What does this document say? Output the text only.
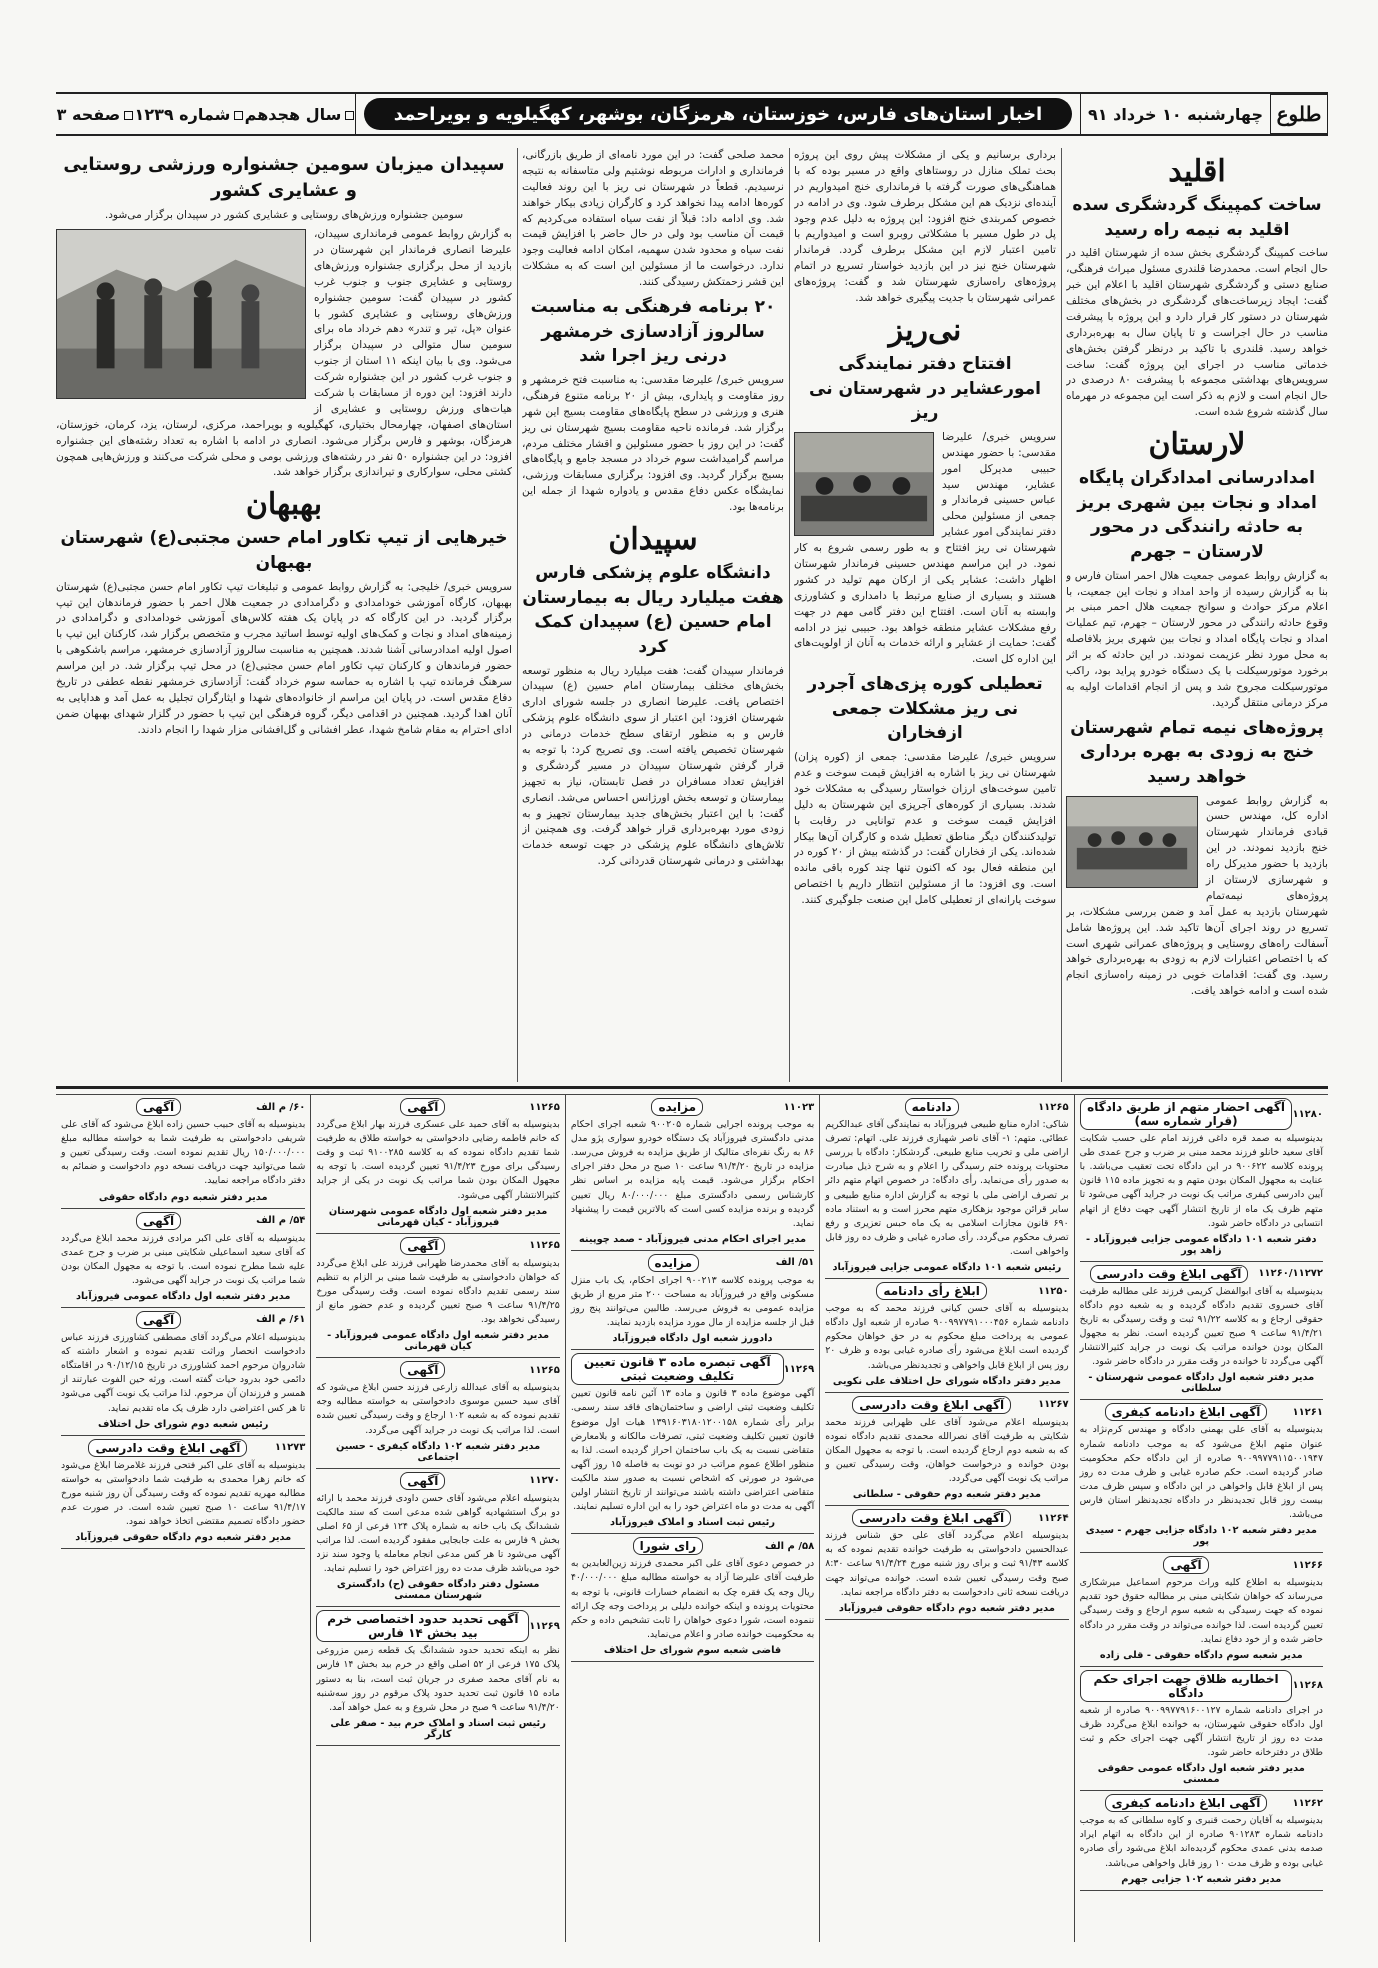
طلوع
چهارشنبه ۱۰ خرداد ۹۱
اخبار استان‌های فارس، خوزستان، هرمزگان، بوشهر، کهگیلویه و بویراحمد
سال هجدهم
شماره ۱۲۳۹
صفحه ۳
اقلید
ساخت کمپینگ گردشگری سده اقلید به نیمه راه رسید
ساخت کمپینگ گردشگری بخش سده از شهرستان اقلید در حال انجام است. محمدرضا قلندری مسئول میراث فرهنگی، صنایع دستی و گردشگری شهرستان اقلید با اعلام این خبر گفت: ایجاد زیرساخت‌های گردشگری در بخش‌های مختلف شهرستان در دستور کار قرار دارد و این پروژه با پیشرفت مناسب در حال اجراست و تا پایان سال به بهره‌برداری خواهد رسید. قلندری با تاکید بر درنظر گرفتن بخش‌های خدماتی مناسب در اجرای این پروژه گفت: ساخت سرویس‌های بهداشتی مجموعه با پیشرفت ۸۰ درصدی در حال انجام است و لازم به ذکر است این مجموعه در مهرماه سال گذشته شروع شده است.
لارستان
امدادرسانی امدادگران پایگاه امداد و نجات بین شهری بریز به حادثه رانندگی در محور لارستان – جهرم
به گزارش روابط عمومی جمعیت هلال احمر استان فارس و بنا به گزارش رسیده از واحد امداد و نجات این جمعیت، با اعلام مرکز حوادث و سوانح جمعیت هلال احمر مبنی بر وقوع حادثه رانندگی در محور لارستان – جهرم، تیم عملیات امداد و نجات پایگاه امداد و نجات بین شهری بریز بلافاصله به محل مورد نظر عزیمت نمودند. در این حادثه که بر اثر برخورد موتورسیکلت با یک دستگاه خودرو پراید بود، راکب موتورسیکلت مجروح شد و پس از انجام اقدامات اولیه به مرکز درمانی منتقل گردید.
پروژه‌های نیمه تمام شهرستان خنج به زودی به بهره برداری خواهد رسید
به گزارش روابط عمومی اداره کل، مهندس حسن قبادی فرماندار شهرستان خنج بازدید نمودند. در این بازدید با حضور مدیرکل راه و شهرسازی لارستان از پروژه‌های نیمه‌تمام شهرستان بازدید به عمل آمد و ضمن بررسی مشکلات، بر تسریع در روند اجرای آن‌ها تاکید شد. این پروژه‌ها شامل آسفالت راه‌های روستایی و پروژه‌های عمرانی شهری است که با اختصاص اعتبارات لازم به زودی به بهره‌برداری خواهد رسید. وی گفت: اقدامات خوبی در زمینه راه‌سازی انجام شده است و ادامه خواهد یافت.
برداری برسانیم و یکی از مشکلات پیش روی این پروژه بحث تملک منازل در روستاهای واقع در مسیر بوده که با هماهنگی‌های صورت گرفته با فرمانداری خنج امیدواریم در آینده‌ای نزدیک هم این مشکل برطرف شود. وی در ادامه در خصوص کمربندی خنج افزود: این پروژه به دلیل عدم وجود پل در طول مسیر با مشکلاتی روبرو است و امیدواریم با تامین اعتبار لازم این مشکل برطرف گردد. فرماندار شهرستان خنج نیز در این بازدید خواستار تسریع در اتمام پروژه‌های راه‌سازی شهرستان شد و گفت: پروژه‌های عمرانی شهرستان با جدیت پیگیری خواهد شد.
نی‌ریز
افتتاح دفتر نمایندگی امورعشایر در شهرستان نی ریز
سرویس خبری/ علیرضا مقدسی: با حضور مهندس حبیبی مدیرکل امور عشایر، مهندس سید عباس حسینی فرماندار و جمعی از مسئولین محلی دفتر نمایندگی امور عشایر شهرستان نی ریز افتتاح و به طور رسمی شروع به کار نمود. در این مراسم مهندس حسینی فرماندار شهرستان اظهار داشت: عشایر یکی از ارکان مهم تولید در کشور هستند و بسیاری از صنایع مرتبط با دامداری و کشاورزی وابسته به آنان است. افتتاح این دفتر گامی مهم در جهت رفع مشکلات عشایر منطقه خواهد بود. حبیبی نیز در ادامه گفت: حمایت از عشایر و ارائه خدمات به آنان از اولویت‌های این اداره کل است.
تعطیلی کوره پزی‌های آجردر نی ریز مشکلات جمعی ازفخاران
سرویس خبری/ علیرضا مقدسی: جمعی از (کوره پزان) شهرستان نی ریز با اشاره به افزایش قیمت سوخت و عدم تامین سوخت‌های ارزان خواستار رسیدگی به مشکلات خود شدند. بسیاری از کوره‌های آجرپزی این شهرستان به دلیل افزایش قیمت سوخت و عدم توانایی در رقابت با تولیدکنندگان دیگر مناطق تعطیل شده و کارگران آن‌ها بیکار شده‌اند. یکی از فخاران گفت: در گذشته بیش از ۲۰ کوره در این منطقه فعال بود که اکنون تنها چند کوره باقی مانده است. وی افزود: ما از مسئولین انتظار داریم با اختصاص سوخت یارانه‌ای از تعطیلی کامل این صنعت جلوگیری کنند.
محمد صلحی گفت: در این مورد نامه‌ای از طریق بازرگانی، فرمانداری و ادارات مربوطه نوشتیم ولی متاسفانه به نتیجه نرسیدیم. قطعاً در شهرستان نی ریز با این روند فعالیت کوره‌ها ادامه پیدا نخواهد کرد و کارگران زیادی بیکار خواهند شد. وی ادامه داد: قبلاً از نفت سیاه استفاده می‌کردیم که قیمت آن مناسب بود ولی در حال حاضر با افزایش قیمت نفت سیاه و محدود شدن سهمیه، امکان ادامه فعالیت وجود ندارد. درخواست ما از مسئولین این است که به مشکلات این قشر زحمتکش رسیدگی کنند.
۲۰ برنامه فرهنگی به مناسبت سالروز آزادسازی خرمشهر درنی ریز اجرا شد
سرویس خبری/ علیرضا مقدسی: به مناسبت فتح خرمشهر و روز مقاومت و پایداری، بیش از ۲۰ برنامه متنوع فرهنگی، هنری و ورزشی در سطح پایگاه‌های مقاومت بسیج این شهر برگزار شد. فرمانده ناحیه مقاومت بسیج شهرستان نی ریز گفت: در این روز با حضور مسئولین و اقشار مختلف مردم، مراسم گرامیداشت سوم خرداد در مسجد جامع و پایگاه‌های بسیج برگزار گردید. وی افزود: برگزاری مسابقات ورزشی، نمایشگاه عکس دفاع مقدس و یادواره شهدا از جمله این برنامه‌ها بود.
سپیدان
دانشگاه علوم پزشکی فارس هفت میلیارد ریال به بیمارستان امام حسین (ع) سپیدان کمک کرد
فرماندار سپیدان گفت: هفت میلیارد ریال به منظور توسعه بخش‌های مختلف بیمارستان امام حسین (ع) سپیدان اختصاص یافت. علیرضا انصاری در جلسه شورای اداری شهرستان افزود: این اعتبار از سوی دانشگاه علوم پزشکی فارس و به منظور ارتقای سطح خدمات درمانی در شهرستان تخصیص یافته است. وی تصریح کرد: با توجه به قرار گرفتن شهرستان سپیدان در مسیر گردشگری و افزایش تعداد مسافران در فصل تابستان، نیاز به تجهیز بیمارستان و توسعه بخش اورژانس احساس می‌شد. انصاری گفت: با این اعتبار بخش‌های جدید بیمارستان تجهیز و به زودی مورد بهره‌برداری قرار خواهد گرفت. وی همچنین از تلاش‌های دانشگاه علوم پزشکی در جهت توسعه خدمات بهداشتی و درمانی شهرستان قدردانی کرد.
سپیدان میزبان سومین جشنواره ورزشی روستایی و عشایری کشور
سومین جشنواره ورزش‌های روستایی و عشایری کشور در سپیدان برگزار می‌شود.
به گزارش روابط عمومی فرمانداری سپیدان، علیرضا انصاری فرماندار این شهرستان در بازدید از محل برگزاری جشنواره ورزش‌های روستایی و عشایری جنوب و جنوب غرب کشور در سپیدان گفت: سومین جشنواره ورزش‌های روستایی و عشایری کشور با عنوان «پل، تیر و تندر» دهم خرداد ماه برای سومین سال متوالی در سپیدان برگزار می‌شود. وی با بیان اینکه ۱۱ استان از جنوب و جنوب غرب کشور در این جشنواره شرکت دارند افزود: این دوره از مسابقات با شرکت هیات‌های ورزش روستایی و عشایری از استان‌های اصفهان، چهارمحال بختیاری، کهگیلویه و بویراحمد، مرکزی، لرستان، یزد، کرمان، خوزستان، هرمزگان، بوشهر و فارس برگزار می‌شود. انصاری در ادامه با اشاره به تعداد رشته‌های این جشنواره افزود: در این جشنواره ۵۰ نفر در رشته‌های ورزشی بومی و محلی شرکت می‌کنند و ورزش‌هایی همچون کشتی محلی، سوارکاری و تیراندازی برگزار خواهد شد.
بهبهان
خیرهایی از تیپ تکاور امام حسن مجتبی(ع) شهرستان بهبهان
سرویس خبری/ خلیجی: به گزارش روابط عمومی و تبلیغات تیپ تکاور امام حسن مجتبی(ع) شهرستان بهبهان، کارگاه آموزشی خودامدادی و دگرامدادی در جمعیت هلال احمر با حضور فرماندهان این تیپ برگزار گردید. در این کارگاه که در پایان یک هفته کلاس‌های آموزشی خودامدادی و دگرامدادی در زمینه‌های امداد و نجات و کمک‌های اولیه توسط اساتید مجرب و متخصص برگزار شد، کارکنان این تیپ با اصول اولیه امدادرسانی آشنا شدند. همچنین به مناسبت سالروز آزادسازی خرمشهر، مراسم باشکوهی با حضور فرماندهان و کارکنان تیپ تکاور امام حسن مجتبی(ع) در محل تیپ برگزار شد. در این مراسم سرهنگ فرمانده تیپ با اشاره به حماسه سوم خرداد گفت: آزادسازی خرمشهر نقطه عطفی در تاریخ دفاع مقدس است. در پایان این مراسم از خانواده‌های شهدا و ایثارگران تجلیل به عمل آمد و هدایایی به آنان اهدا گردید. همچنین در اقدامی دیگر، گروه فرهنگی این تیپ با حضور در گلزار شهدای بهبهان ضمن ادای احترام به مقام شامخ شهدا، عطر افشانی و گل‌افشانی مزار شهدا را انجام دادند.
۱۱۲۸۰
آگهی احضار متهم از طریق دادگاه (قرار شماره سه)
بدینوسیله به صمد قره داغی فرزند امام علی حسب شکایت آقای سعید خانلو فرزند محمد مبنی بر ضرب و جرح عمدی طی پرونده کلاسه ۹۰۰۶۲۲ در این دادگاه تحت تعقیب می‌باشد. با عنایت به مجهول المکان بودن متهم و به تجویز ماده ۱۱۵ قانون آیین دادرسی کیفری مراتب یک نوبت در جراید آگهی می‌شود تا متهم ظرف یک ماه از تاریخ انتشار آگهی جهت دفاع از اتهام انتسابی در دادگاه حاضر شود.
دفتر شعبه ۱۰۱ دادگاه عمومی جزایی فیروزآباد - زاهد پور
۱۱۲۶۰/۱۱۲۷۲
آگهی ابلاغ وقت دادرسی
بدینوسیله به آقای ابوالفضل کریمی فرزند علی مطالبه طرفیت آقای خسروی تقدیم دادگاه گردیده و به شعبه دوم دادگاه حقوقی ارجاع و به کلاسه ۹۱/۲۲ ثبت و وقت رسیدگی به تاریخ ۹۱/۴/۲۱ ساعت ۹ صبح تعیین گردیده است. نظر به مجهول المکان بودن خوانده مراتب یک نوبت در جراید کثیرالانتشار آگهی می‌گردد تا خوانده در وقت مقرر در دادگاه حاضر شود.
مدیر دفتر شعبه اول دادگاه عمومی شهرستان - سلطانی
۱۱۲۶۱
آگهی ابلاغ دادنامه کیفری
بدینوسیله به آقای علی بهمنی دادگاه و مهندس کرم‌نژاد به عنوان متهم ابلاغ می‌شود که به موجب دادنامه شماره ۹۰۰۹۹۷۷۹۱۱۵۰۰۱۹۴۷ صادره از این دادگاه حکم محکومیت صادر گردیده است. حکم صادره غیابی و ظرف مدت ده روز پس از ابلاغ قابل واخواهی در این دادگاه و سپس ظرف مدت بیست روز قابل تجدیدنظر در دادگاه تجدیدنظر استان فارس می‌باشد.
مدیر دفتر شعبه ۱۰۲ دادگاه جزایی جهرم - سیدی پور
۱۱۲۶۶
آگهی
بدینوسیله به اطلاع کلیه وراث مرحوم اسماعیل میرشکاری می‌رساند که خواهان شکایتی مبنی بر مطالبه حقوق خود تقدیم نموده که جهت رسیدگی به شعبه سوم ارجاع و وقت رسیدگی تعیین گردیده است. لذا خوانده می‌تواند در وقت مقرر در دادگاه حاضر شده و از خود دفاع نماید.
مدیر شعبه سوم دادگاه حقوقی - قلی زاده
۱۱۲۶۸
اخطاریه ظلاق جهت اجرای حکم دادگاه
در اجرای دادنامه شماره ۹۰۰۹۹۷۷۹۱۶۰۰۱۲۷ صادره از شعبه اول دادگاه حقوقی شهرستان، به خوانده ابلاغ می‌گردد ظرف مدت ده روز از تاریخ انتشار آگهی جهت اجرای حکم و ثبت طلاق در دفترخانه حاضر شود.
مدیر دفتر شعبه اول دادگاه عمومی حقوقی ممسنی
۱۱۲۶۲
آگهی ابلاغ دادنامه کیفری
بدینوسیله به آقایان رحمت قنبری و کاوه سلطانی که به موجب دادنامه شماره ۹۰۱۲۸۳ صادره از این دادگاه به اتهام ایراد صدمه بدنی عمدی محکوم گردیده‌اند ابلاغ می‌شود رأی صادره غیابی بوده و ظرف مدت ۱۰ روز قابل واخواهی می‌باشد.
مدیر دفتر شعبه ۱۰۲ جزایی جهرم
۱۱۲۶۵
دادنامه
شاکی: اداره منابع طبیعی فیروزآباد به نمایندگی آقای عبدالکریم عطائی. متهم: ۱- آقای ناصر شهبازی فرزند علی. اتهام: تصرف اراضی ملی و تخریب منابع طبیعی. گردشکار: دادگاه با بررسی محتویات پرونده ختم رسیدگی را اعلام و به شرح ذیل مبادرت به صدور رأی می‌نماید. رأی دادگاه: در خصوص اتهام متهم دائر بر تصرف اراضی ملی با توجه به گزارش اداره منابع طبیعی و سایر قرائن موجود بزهکاری متهم محرز است و به استناد ماده ۶۹۰ قانون مجازات اسلامی به یک ماه حبس تعزیری و رفع تصرف محکوم می‌گردد. رأی صادره غیابی و ظرف ده روز قابل واخواهی است.
رئیس شعبه ۱۰۱ دادگاه عمومی جزایی فیروزآباد
۱۱۲۵۰
ابلاغ رأی دادنامه
بدینوسیله به آقای حسن کیانی فرزند محمد که به موجب دادنامه شماره ۹۰۰۹۹۷۷۹۱۰۰۰۴۵۶ صادره از شعبه اول دادگاه عمومی به پرداخت مبلغ محکوم به در حق خواهان محکوم گردیده است ابلاغ می‌شود رأی صادره غیابی بوده و ظرف ۲۰ روز پس از ابلاغ قابل واخواهی و تجدیدنظر می‌باشد.
مدیر دفتر دادگاه شورای حل اختلاف علی نکویی
۱۱۲۶۷
آگهی ابلاغ وقت دادرسی
بدینوسیله اعلام می‌شود آقای علی ظهرابی فرزند محمد شکایتی به طرفیت آقای نصرالله محمدی تقدیم دادگاه نموده که به شعبه دوم ارجاع گردیده است. با توجه به مجهول المکان بودن خوانده و درخواست خواهان، وقت رسیدگی تعیین و مراتب یک نوبت آگهی می‌گردد.
مدیر دفتر شعبه دوم حقوقی - سلطانی
۱۱۲۶۴
آگهی ابلاغ وقت دادرسی
بدینوسیله اعلام می‌گردد آقای علی حق شناس فرزند عبدالحسین دادخواستی به طرفیت خوانده تقدیم نموده که به کلاسه ۹۱/۴۳ ثبت و برای روز شنبه مورخ ۹۱/۴/۲۴ ساعت ۸:۳۰ صبح وقت رسیدگی تعیین شده است. خوانده می‌تواند جهت دریافت نسخه ثانی دادخواست به دفتر دادگاه مراجعه نماید.
مدیر دفتر شعبه دوم دادگاه حقوقی فیروزآباد
۱۱۰۲۳
مزایده
به موجب پرونده اجرایی شماره ۹۰۰۲۰۵ شعبه اجرای احکام مدنی دادگستری فیروزآباد یک دستگاه خودرو سواری پژو مدل ۸۶ به رنگ نقره‌ای متالیک از طریق مزایده به فروش می‌رسد. مزایده در تاریخ ۹۱/۴/۲۰ ساعت ۱۰ صبح در محل دفتر اجرای احکام برگزار می‌شود. قیمت پایه مزایده بر اساس نظر کارشناس رسمی دادگستری مبلغ ۸۰/۰۰۰/۰۰۰ ریال تعیین گردیده و برنده مزایده کسی است که بالاترین قیمت را پیشنهاد نماید.
مدیر اجرای احکام مدنی فیروزآباد - صمد چوپینه
۵۱/ الف
مزایده
به موجب پرونده کلاسه ۹۰۰۲۱۳ اجرای احکام، یک باب منزل مسکونی واقع در فیروزآباد به مساحت ۲۰۰ متر مربع از طریق مزایده عمومی به فروش می‌رسد. طالبین می‌توانند پنج روز قبل از جلسه مزایده از مال مورد مزایده بازدید نمایند.
دادورز شعبه اول دادگاه فیروزآباد
۱۱۲۶۹
آگهی تبصره ماده ۳ قانون تعیین تکلیف وضعیت ثبتی
آگهی موضوع ماده ۳ قانون و ماده ۱۳ آئین نامه قانون تعیین تکلیف وضعیت ثبتی اراضی و ساختمان‌های فاقد سند رسمی. برابر رأی شماره ۱۳۹۱۶۰۳۱۸۰۱۲۰۰۱۵۸ هیات اول موضوع قانون تعیین تکلیف وضعیت ثبتی، تصرفات مالکانه و بلامعارض متقاضی نسبت به یک باب ساختمان احراز گردیده است. لذا به منظور اطلاع عموم مراتب در دو نوبت به فاصله ۱۵ روز آگهی می‌شود در صورتی که اشخاص نسبت به صدور سند مالکیت متقاضی اعتراضی داشته باشند می‌توانند از تاریخ انتشار اولین آگهی به مدت دو ماه اعتراض خود را به این اداره تسلیم نمایند.
رئیس ثبت اسناد و املاک فیروزآباد
۵۸/ م الف
رای شورا
در خصوص دعوی آقای علی اکبر محمدی فرزند زین‌العابدین به طرفیت آقای علیرضا آزاد به خواسته مطالبه مبلغ ۴۰/۰۰۰/۰۰۰ ریال وجه یک فقره چک به انضمام خسارات قانونی، با توجه به محتویات پرونده و اینکه خوانده دلیلی بر پرداخت وجه چک ارائه ننموده است، شورا دعوی خواهان را ثابت تشخیص داده و حکم به محکومیت خوانده صادر و اعلام می‌نماید.
قاضی شعبه سوم شورای حل اختلاف
۱۱۲۶۵
آگهی
بدینوسیله به آقای حمید علی عسکری فرزند بهار ابلاغ می‌گردد که خانم فاطمه رضایی دادخواستی به خواسته طلاق به طرفیت شما تقدیم دادگاه نموده که به کلاسه ۹۱۰۰۲۸۵ ثبت و وقت رسیدگی برای مورخ ۹۱/۴/۲۳ تعیین گردیده است. با توجه به مجهول المکان بودن شما مراتب یک نوبت در یکی از جراید کثیرالانتشار آگهی می‌شود.
مدیر دفتر شعبه اول دادگاه عمومی شهرستان فیروزآباد - کیان قهرمانی
۱۱۲۶۵
آگهی
بدینوسیله به آقای محمدرضا ظهرابی فرزند علی ابلاغ می‌گردد که خواهان دادخواستی به طرفیت شما مبنی بر الزام به تنظیم سند رسمی تقدیم دادگاه نموده است. وقت رسیدگی مورخ ۹۱/۴/۲۵ ساعت ۹ صبح تعیین گردیده و عدم حضور مانع از رسیدگی نخواهد بود.
مدیر دفتر شعبه اول دادگاه عمومی فیروزآباد - کیان قهرمانی
۱۱۲۶۵
آگهی
بدینوسیله به آقای عبدالله زارعی فرزند حسن ابلاغ می‌شود که آقای سید حسین موسوی دادخواستی به خواسته مطالبه وجه تقدیم نموده که به شعبه ۱۰۲ ارجاع و وقت رسیدگی تعیین شده است. لذا مراتب یک نوبت در جراید آگهی می‌گردد.
مدیر دفتر شعبه ۱۰۲ دادگاه کیفری - حسین اجتماعی
۱۱۲۷۰
آگهی
بدینوسیله اعلام می‌شود آقای حسن داودی فرزند محمد با ارائه دو برگ استشهادیه گواهی شده مدعی است که سند مالکیت ششدانگ یک باب خانه به شماره پلاک ۱۲۴ فرعی از ۶۵ اصلی بخش ۹ فارس به علت جابجایی مفقود گردیده است. لذا مراتب آگهی می‌شود تا هر کس مدعی انجام معامله یا وجود سند نزد خود می‌باشد ظرف مدت ده روز اعتراض خود را تسلیم نماید.
مسئول دفتر دادگاه حقوقی (ح) دادگستری شهرستان ممسنی
۱۱۲۶۹
آگهی تحدید حدود اختصاصی خرم بید بخش ۱۴ فارس
نظر به اینکه تحدید حدود ششدانگ یک قطعه زمین مزروعی پلاک ۱۷۵ فرعی از ۵۲ اصلی واقع در خرم بید بخش ۱۴ فارس به نام آقای محمد صفری در جریان ثبت است، بنا به دستور ماده ۱۵ قانون ثبت تحدید حدود پلاک مرقوم در روز سه‌شنبه ۹۱/۴/۲۰ ساعت ۹ صبح در محل شروع و به عمل خواهد آمد.
رئیس ثبت اسناد و املاک خرم بید - صفر علی کارگر
۶۰/ م الف
آگهی
بدینوسیله به آقای حبیب حسین زاده ابلاغ می‌شود که آقای علی شریفی دادخواستی به طرفیت شما به خواسته مطالبه مبلغ ۱۵۰/۰۰۰/۰۰۰ ریال تقدیم نموده است. وقت رسیدگی تعیین و شما می‌توانید جهت دریافت نسخه دوم دادخواست و ضمائم به دفتر دادگاه مراجعه نمایید.
مدیر دفتر شعبه دوم دادگاه حقوقی
۵۴/ م الف
آگهی
بدینوسیله به آقای علی اکبر مرادی فرزند محمد ابلاغ می‌گردد که آقای سعید اسماعیلی شکایتی مبنی بر ضرب و جرح عمدی علیه شما مطرح نموده است. با توجه به مجهول المکان بودن شما مراتب یک نوبت در جراید آگهی می‌شود.
مدیر دفتر شعبه اول دادگاه عمومی فیروزآباد
۶۱/ م الف
آگهی
بدینوسیله اعلام می‌گردد آقای مصطفی کشاورزی فرزند عباس دادخواست انحصار وراثت تقدیم نموده و اشعار داشته که شادروان مرحوم احمد کشاورزی در تاریخ ۹۰/۱۲/۱۵ در اقامتگاه دائمی خود بدرود حیات گفته است. ورثه حین الفوت عبارتند از همسر و فرزندان آن مرحوم. لذا مراتب یک نوبت آگهی می‌شود تا هر کس اعتراضی دارد ظرف یک ماه تقدیم نماید.
رئیس شعبه دوم شورای حل اختلاف
۱۱۲۷۳
آگهی ابلاغ وقت دادرسی
بدینوسیله به آقای علی اکبر فتحی فرزند غلامرضا ابلاغ می‌شود که خانم زهرا محمدی به طرفیت شما دادخواستی به خواسته مطالبه مهریه تقدیم نموده که وقت رسیدگی آن روز شنبه مورخ ۹۱/۴/۱۷ ساعت ۱۰ صبح تعیین شده است. در صورت عدم حضور دادگاه تصمیم مقتضی اتخاذ خواهد نمود.
مدیر دفتر شعبه دوم دادگاه حقوقی فیروزآباد
